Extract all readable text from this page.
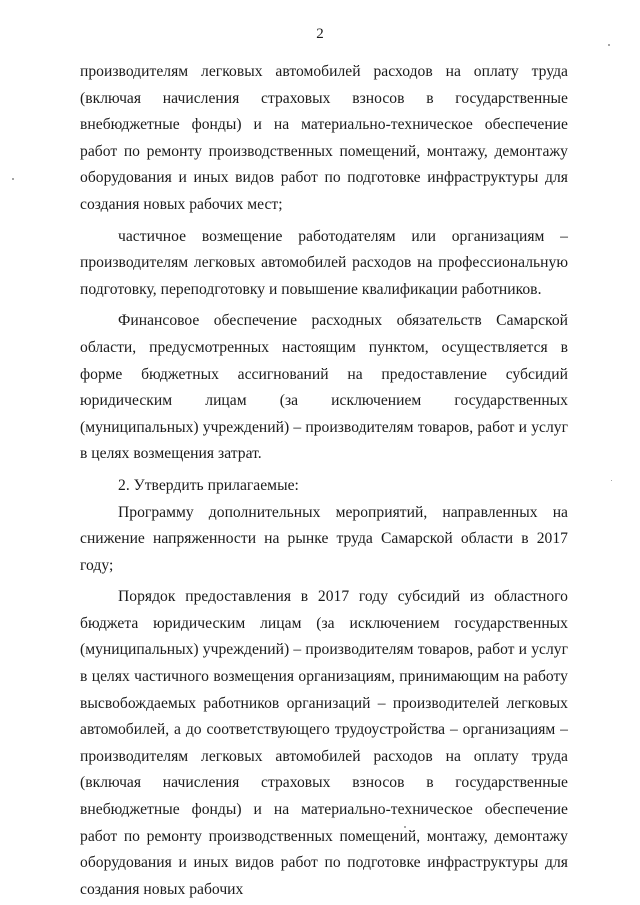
2

производителям легковых автомобилей расходов на оплату труда (включая начисления страховых взносов в государственные внебюджетные фонды) и на материально-техническое обеспечение работ по ремонту производственных помещений, монтажу, демонтажу оборудования и иных видов работ по подготовке инфраструктуры для создания новых рабочих мест;

частичное возмещение работодателям или организациям – производителям легковых автомобилей расходов на профессиональную подготовку, переподготовку и повышение квалификации работников.

Финансовое обеспечение расходных обязательств Самарской области, предусмотренных настоящим пунктом, осуществляется в форме бюджетных ассигнований на предоставление субсидий юридическим лицам (за исключением государственных (муниципальных) учреждений) – производителям товаров, работ и услуг в целях возмещения затрат.

2. Утвердить прилагаемые:

Программу дополнительных мероприятий, направленных на снижение напряженности на рынке труда Самарской области в 2017 году;

Порядок предоставления в 2017 году субсидий из областного бюджета юридическим лицам (за исключением государственных (муниципальных) учреждений) – производителям товаров, работ и услуг в целях частичного возмещения организациям, принимающим на работу высвобождаемых работников организаций – производителей легковых автомобилей, а до соответствующего трудоустройства – организациям – производителям легковых автомобилей расходов на оплату труда (включая начисления страховых взносов в государственные внебюджетные фонды) и на материально-техническое обеспечение работ по ремонту производственных помещений, монтажу, демонтажу оборудования и иных видов работ по подготовке инфраструктуры для создания новых рабочих
